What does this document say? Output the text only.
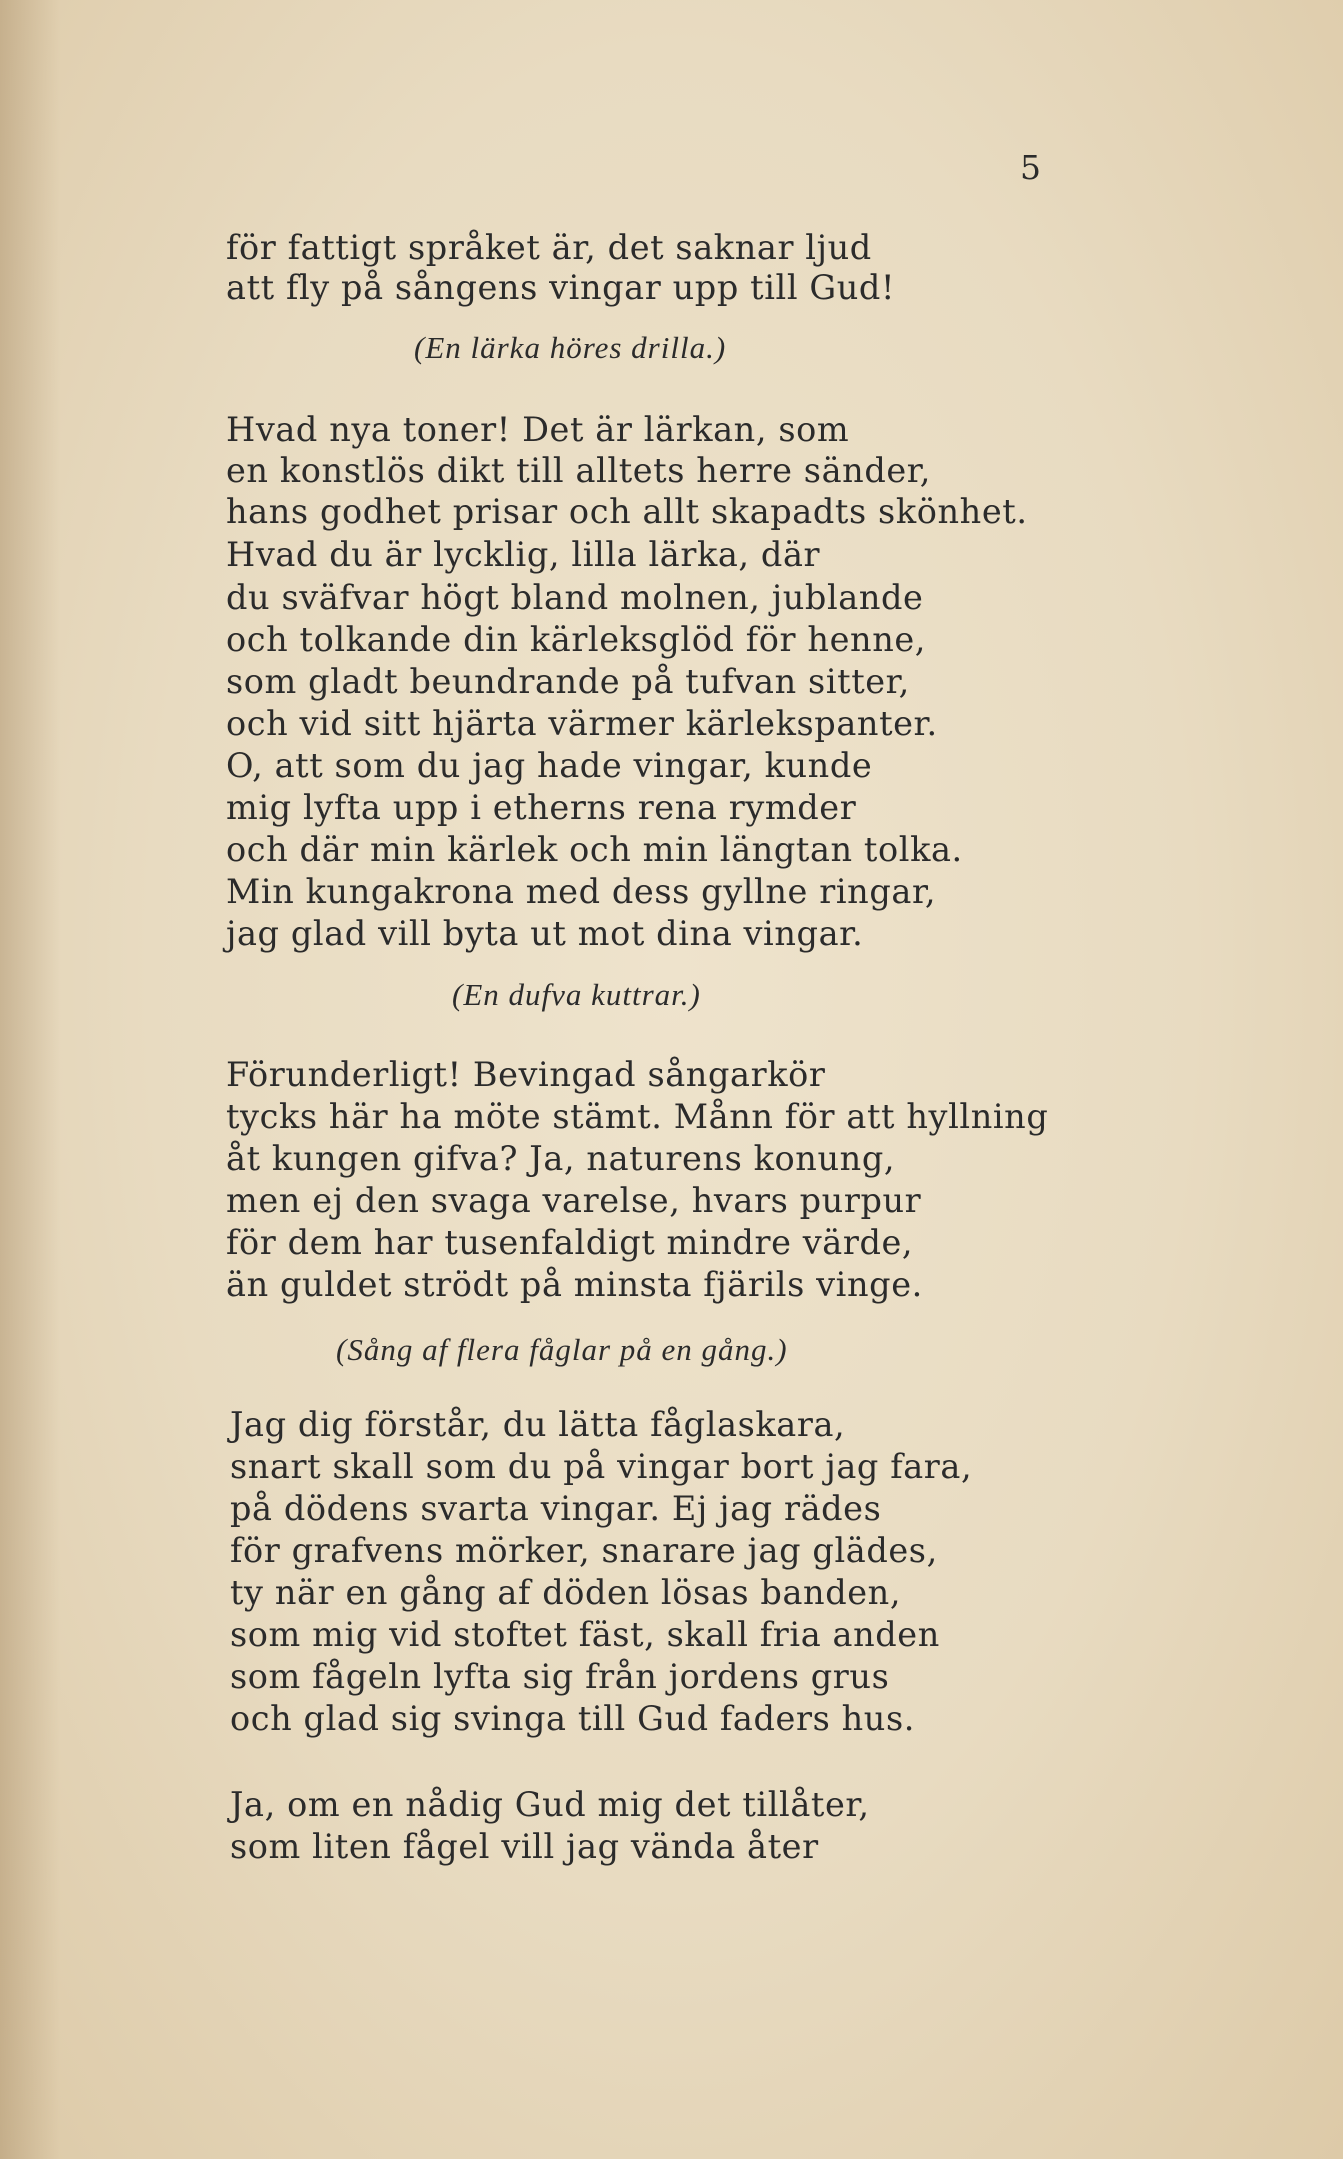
5
för fattigt språket är, det saknar ljud
att fly på sångens vingar upp till Gud!
(En lärka höres drilla.)
Hvad nya toner! Det är lärkan, som
en konstlös dikt till alltets herre sänder,
hans godhet prisar och allt skapadts skönhet.
Hvad du är lycklig, lilla lärka, där
du sväfvar högt bland molnen, jublande
och tolkande din kärleksglöd för henne,
som gladt beundrande på tufvan sitter,
och vid sitt hjärta värmer kärlekspanter.
O, att som du jag hade vingar, kunde
mig lyfta upp i etherns rena rymder
och där min kärlek och min längtan tolka.
Min kungakrona med dess gyllne ringar,
jag glad vill byta ut mot dina vingar.
(En dufva kuttrar.)
Förunderligt! Bevingad sångarkör
tycks här ha möte stämt. Månn för att hyllning
åt kungen gifva? Ja, naturens konung,
men ej den svaga varelse, hvars purpur
för dem har tusenfaldigt mindre värde,
än guldet strödt på minsta fjärils vinge.
(Sång af flera fåglar på en gång.)
Jag dig förstår, du lätta fåglaskara,
snart skall som du på vingar bort jag fara,
på dödens svarta vingar. Ej jag rädes
för grafvens mörker, snarare jag glädes,
ty när en gång af döden lösas banden,
som mig vid stoftet fäst, skall fria anden
som fågeln lyfta sig från jordens grus
och glad sig svinga till Gud faders hus.
Ja, om en nådig Gud mig det tillåter,
som liten fågel vill jag vända åter
